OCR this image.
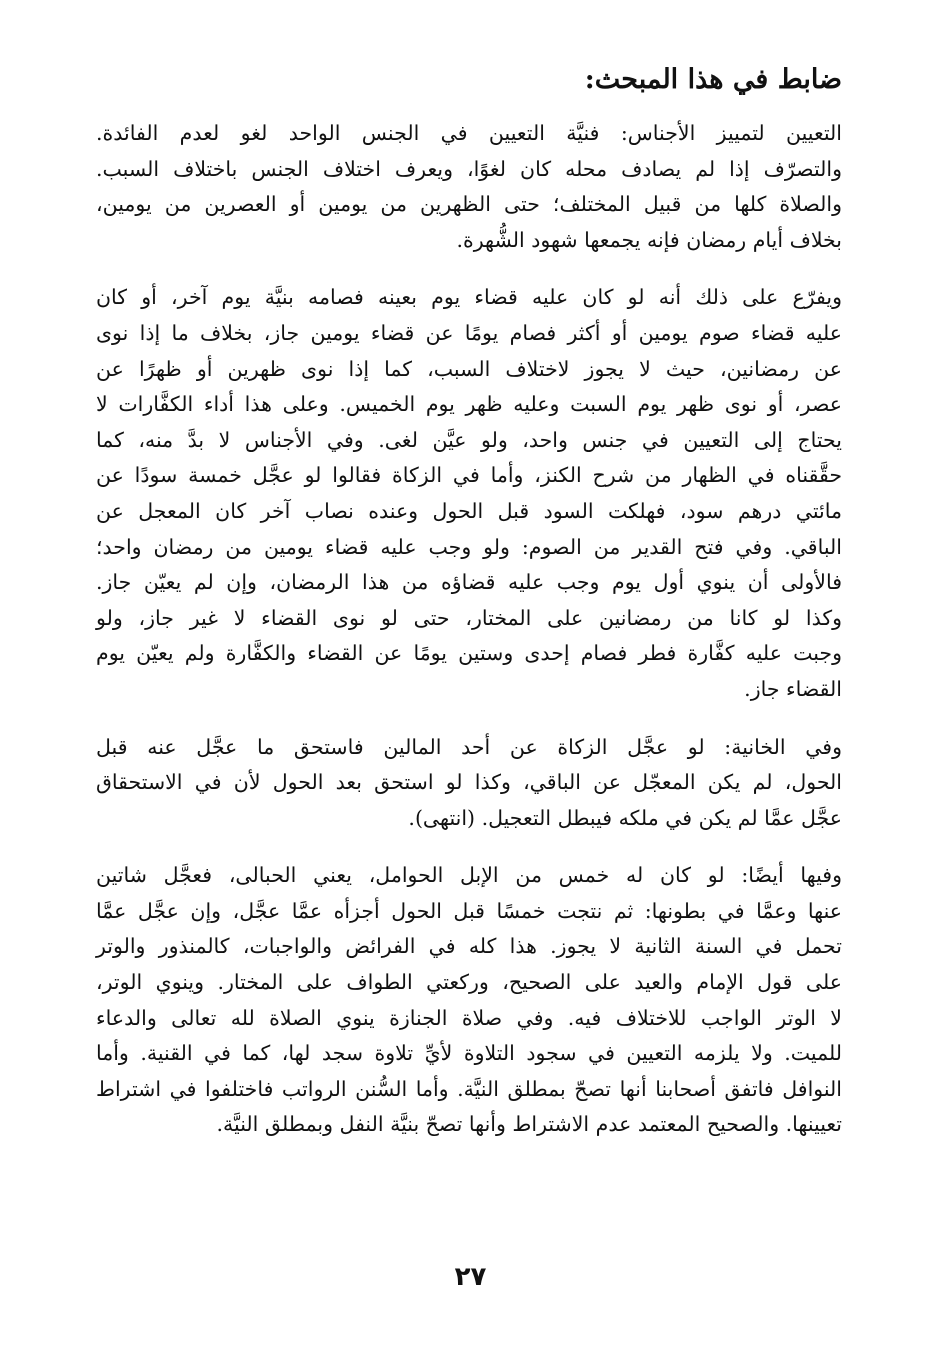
ضابط في هذا المبحث:
التعيين لتمييز الأجناس: فنيَّة التعيين في الجنس الواحد لغو لعدم الفائدة.
والتصرّف إذا لم يصادف محله كان لغوًا، ويعرف اختلاف الجنس باختلاف السبب.
والصلاة كلها من قبيل المختلف؛ حتى الظهرين من يومين أو العصرين من يومين،
بخلاف أيام رمضان فإنه يجمعها شهود الشُّهرة.
ويفرّع على ذلك أنه لو كان عليه قضاء يوم بعينه فصامه بنيَّة يوم آخر، أو كان
عليه قضاء صوم يومين أو أكثر فصام يومًا عن قضاء يومين جاز، بخلاف ما إذا نوى
عن رمضانين، حيث لا يجوز لاختلاف السبب، كما إذا نوى ظهرين أو ظهرًا عن
عصر، أو نوى ظهر يوم السبت وعليه ظهر يوم الخميس. وعلى هذا أداء الكفَّارات لا
يحتاج إلى التعيين في جنس واحد، ولو عيَّن لغى. وفي الأجناس لا بدَّ منه، كما
حقَّقناه في الظهار من شرح الكنز، وأما في الزكاة فقالوا لو عجَّل خمسة سودًا عن
مائتي درهم سود، فهلكت السود قبل الحول وعنده نصاب آخر كان المعجل عن
الباقي. وفي فتح القدير من الصوم: ولو وجب عليه قضاء يومين من رمضان واحد؛
فالأولى أن ينوي أول يوم وجب عليه قضاؤه من هذا الرمضان، وإن لم يعيّن جاز.
وكذا لو كانا من رمضانين على المختار، حتى لو نوى القضاء لا غير جاز، ولو
وجبت عليه كفَّارة فطر فصام إحدى وستين يومًا عن القضاء والكفَّارة ولم يعيّن يوم
القضاء جاز.
وفي الخانية: لو عجَّل الزكاة عن أحد المالين فاستحق ما عجَّل عنه قبل
الحول، لم يكن المعجّل عن الباقي، وكذا لو استحق بعد الحول لأن في الاستحقاق
عجَّل عمَّا لم يكن في ملكه فيبطل التعجيل. (انتهى).
وفيها أيضًا: لو كان له خمس من الإبل الحوامل، يعني الحبالى، فعجَّل شاتين
عنها وعمَّا في بطونها: ثم نتجت خمسًا قبل الحول أجزأه عمَّا عجَّل، وإن عجَّل عمَّا
تحمل في السنة الثانية لا يجوز. هذا كله في الفرائض والواجبات، كالمنذور والوتر
على قول الإمام والعيد على الصحيح، وركعتي الطواف على المختار. وينوي الوتر،
لا الوتر الواجب للاختلاف فيه. وفي صلاة الجنازة ينوي الصلاة لله تعالى والدعاء
للميت. ولا يلزمه التعيين في سجود التلاوة لأيِّ تلاوة سجد لها، كما في القنية. وأما
النوافل فاتفق أصحابنا أنها تصحّ بمطلق النيَّة. وأما السُّنن الرواتب فاختلفوا في اشتراط
تعيينها. والصحيح المعتمد عدم الاشتراط وأنها تصحّ بنيَّة النفل وبمطلق النيَّة.
٢٧
